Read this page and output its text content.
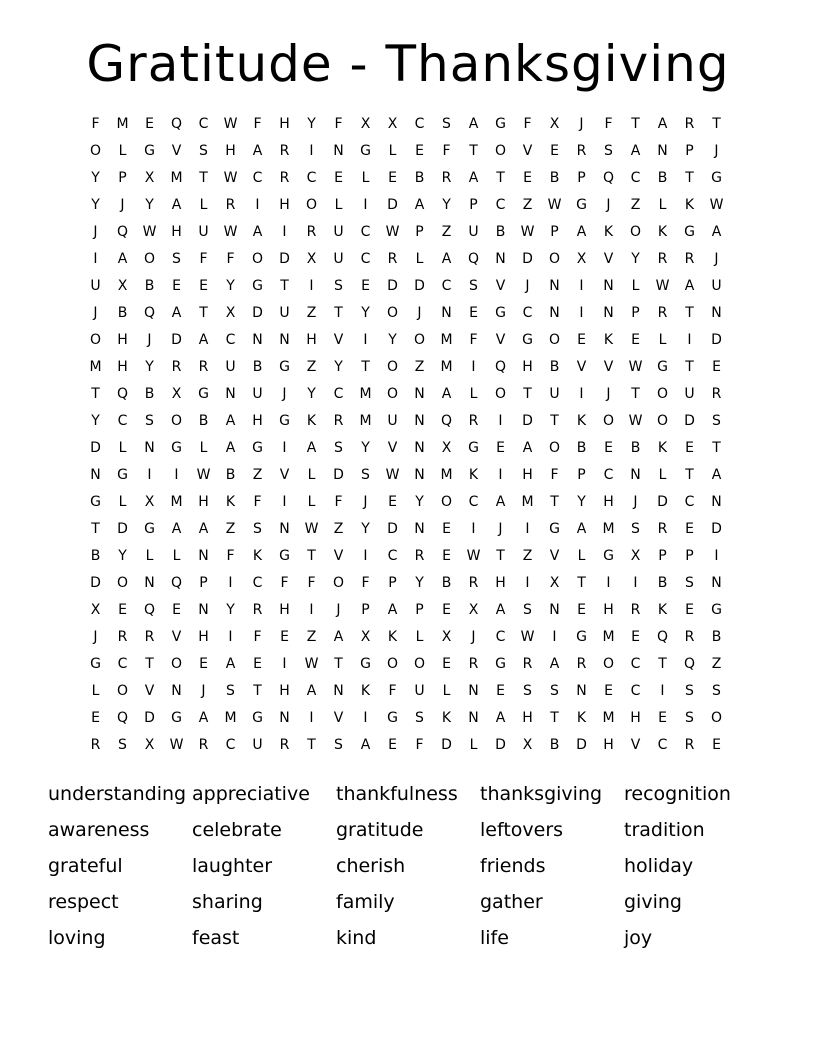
Gratitude - Thanksgiving
F	M	E	Q	C	W	F	H	Y	F	X	X	C	S	A	G	F	X	J	F	T	A	R	T
O	L	G	V	S	H	A	R	I	N	G	L	E	F	T	O	V	E	R	S	A	N	P	J
Y	P	X	M	T	W	C	R	C	E	L	E	B	R	A	T	E	B	P	Q	C	B	T	G
Y	J	Y	A	L	R	I	H	O	L	I	D	A	Y	P	C	Z	W	G	J	Z	L	K	W
J	Q	W	H	U	W	A	I	R	U	C	W	P	Z	U	B	W	P	A	K	O	K	G	A
I	A	O	S	F	F	O	D	X	U	C	R	L	A	Q	N	D	O	X	V	Y	R	R	J
U	X	B	E	E	Y	G	T	I	S	E	D	D	C	S	V	J	N	I	N	L	W	A	U
J	B	Q	A	T	X	D	U	Z	T	Y	O	J	N	E	G	C	N	I	N	P	R	T	N
O	H	J	D	A	C	N	N	H	V	I	Y	O	M	F	V	G	O	E	K	E	L	I	D
M	H	Y	R	R	U	B	G	Z	Y	T	O	Z	M	I	Q	H	B	V	V	W	G	T	E
T	Q	B	X	G	N	U	J	Y	C	M	O	N	A	L	O	T	U	I	J	T	O	U	R
Y	C	S	O	B	A	H	G	K	R	M	U	N	Q	R	I	D	T	K	O	W	O	D	S
D	L	N	G	L	A	G	I	A	S	Y	V	N	X	G	E	A	O	B	E	B	K	E	T
N	G	I	I	W	B	Z	V	L	D	S	W	N	M	K	I	H	F	P	C	N	L	T	A
G	L	X	M	H	K	F	I	L	F	J	E	Y	O	C	A	M	T	Y	H	J	D	C	N
T	D	G	A	A	Z	S	N	W	Z	Y	D	N	E	I	J	I	G	A	M	S	R	E	D
B	Y	L	L	N	F	K	G	T	V	I	C	R	E	W	T	Z	V	L	G	X	P	P	I
D	O	N	Q	P	I	C	F	F	O	F	P	Y	B	R	H	I	X	T	I	I	B	S	N
X	E	Q	E	N	Y	R	H	I	J	P	A	P	E	X	A	S	N	E	H	R	K	E	G
J	R	R	V	H	I	F	E	Z	A	X	K	L	X	J	C	W	I	G	M	E	Q	R	B
G	C	T	O	E	A	E	I	W	T	G	O	O	E	R	G	R	A	R	O	C	T	Q	Z
L	O	V	N	J	S	T	H	A	N	K	F	U	L	N	E	S	S	N	E	C	I	S	S
E	Q	D	G	A	M	G	N	I	V	I	G	S	K	N	A	H	T	K	M	H	E	S	O
R	S	X	W	R	C	U	R	T	S	A	E	F	D	L	D	X	B	D	H	V	C	R	E
understanding appreciative	thankfulness	thanksgiving	recognition
awareness	celebrate	gratitude	leftovers	tradition
grateful	laughter	cherish	friends	holiday
respect	sharing	family	gather	giving
loving	feast	kind	life	joy
